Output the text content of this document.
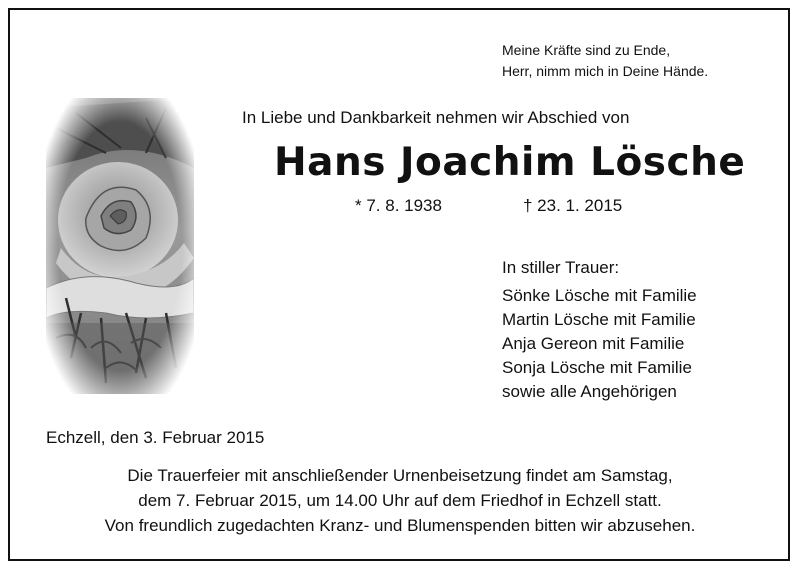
Meine Kräfte sind zu Ende,
Herr, nimm mich in Deine Hände.
In Liebe und Dankbarkeit nehmen wir Abschied von
Hans Joachim Lösche
* 7. 8. 1938	† 23. 1. 2015
In stiller Trauer:
Sönke Lösche mit Familie
Martin Lösche mit Familie
Anja Gereon mit Familie
Sonja Lösche mit Familie
sowie alle Angehörigen
Echzell, den 3. Februar 2015
Die Trauerfeier mit anschließender Urnenbeisetzung findet am Samstag,
dem 7. Februar 2015, um 14.00 Uhr auf dem Friedhof in Echzell statt.
Von freundlich zugedachten Kranz- und Blumenspenden bitten wir abzusehen.
